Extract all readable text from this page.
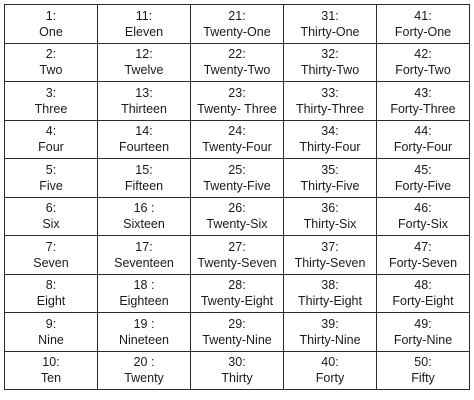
1:
One	11:
Eleven	21:
Twenty-One	31:
Thirty-One	41:
Forty-One

2:
Two	12:
Twelve	22:
Twenty-Two	32:
Thirty-Two	42:
Forty-Two

3:
Three	13:
Thirteen	23:
Twenty- Three	33:
Thirty-Three	43:
Forty-Three

4:
Four	14:
Fourteen	24:
Twenty-Four	34:
Thirty-Four	44:
Forty-Four

5:
Five	15:
Fifteen	25:
Twenty-Five	35:
Thirty-Five	45:
Forty-Five

6:
Six	16 :
Sixteen	26:
Twenty-Six	36:
Thirty-Six	46:
Forty-Six

7:
Seven	17:
Seventeen	27:
Twenty-Seven	37:
Thirty-Seven	47:
Forty-Seven

8:
Eight	18 :
Eighteen	28:
Twenty-Eight	38:
Thirty-Eight	48:
Forty-Eight

9:
Nine	19 :
Nineteen	29:
Twenty-Nine	39:
Thirty-Nine	49:
Forty-Nine

10:
Ten	20 :
Twenty	30:
Thirty	40:
Forty	50:
Fifty
